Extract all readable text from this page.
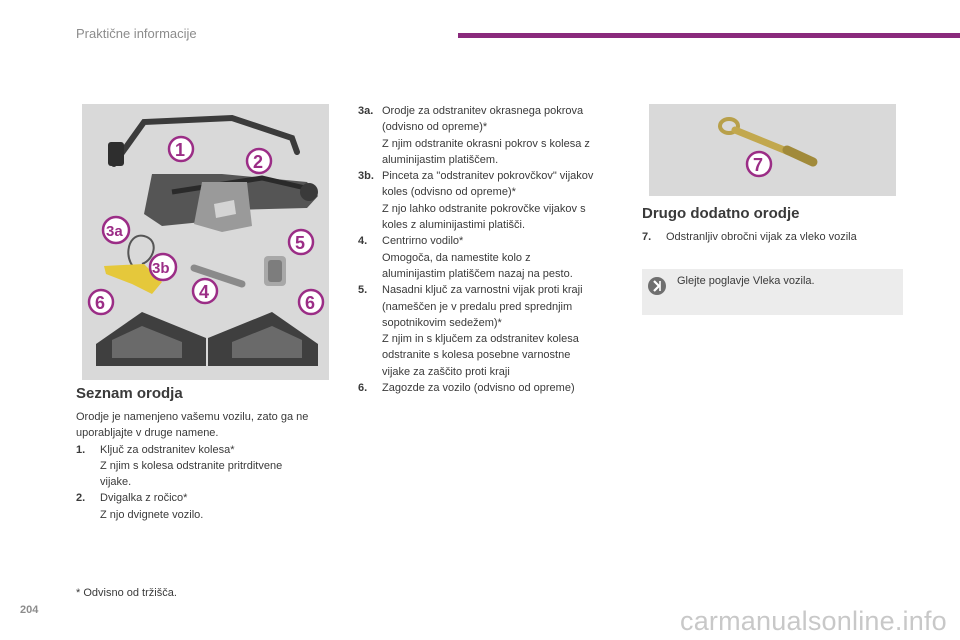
Praktične informacije
1
2
3a
5
3b
4
6	6
7
Seznam orodja
Orodje je namenjeno vašemu vozilu, zato ga ne
uporabljajte v druge namene.
1. Ključ za odstranitev kolesa*
Z njim s kolesa odstranite pritrditvene
vijake.
2. Dvigalka z ročico*
Z njo dvignete vozilo.
3a. Orodje za odstranitev okrasnega pokrova
(odvisno od opreme)*
Z njim odstranite okrasni pokrov s kolesa z
aluminijastim platiščem.
3b. Pinceta za "odstranitev pokrovčkov" vijakov
koles (odvisno od opreme)*
Z njo lahko odstranite pokrovčke vijakov s
koles z aluminijastimi platišči.
4. Centrirno vodilo*
Omogoča, da namestite kolo z
aluminijastim platiščem nazaj na pesto.
5. Nasadni ključ za varnostni vijak proti kraji
(nameščen je v predalu pred sprednjim
sopotnikovim sedežem)*
Z njim in s ključem za odstranitev kolesa
odstranite s kolesa posebne varnostne
vijake za zaščito proti kraji
6. Zagozde za vozilo (odvisno od opreme)
Drugo dodatno orodje
7. Odstranljiv obročni vijak za vleko vozila
Glejte poglavje Vleka vozila.
* Odvisno od tržišča.
204	carmanualsonline.info
